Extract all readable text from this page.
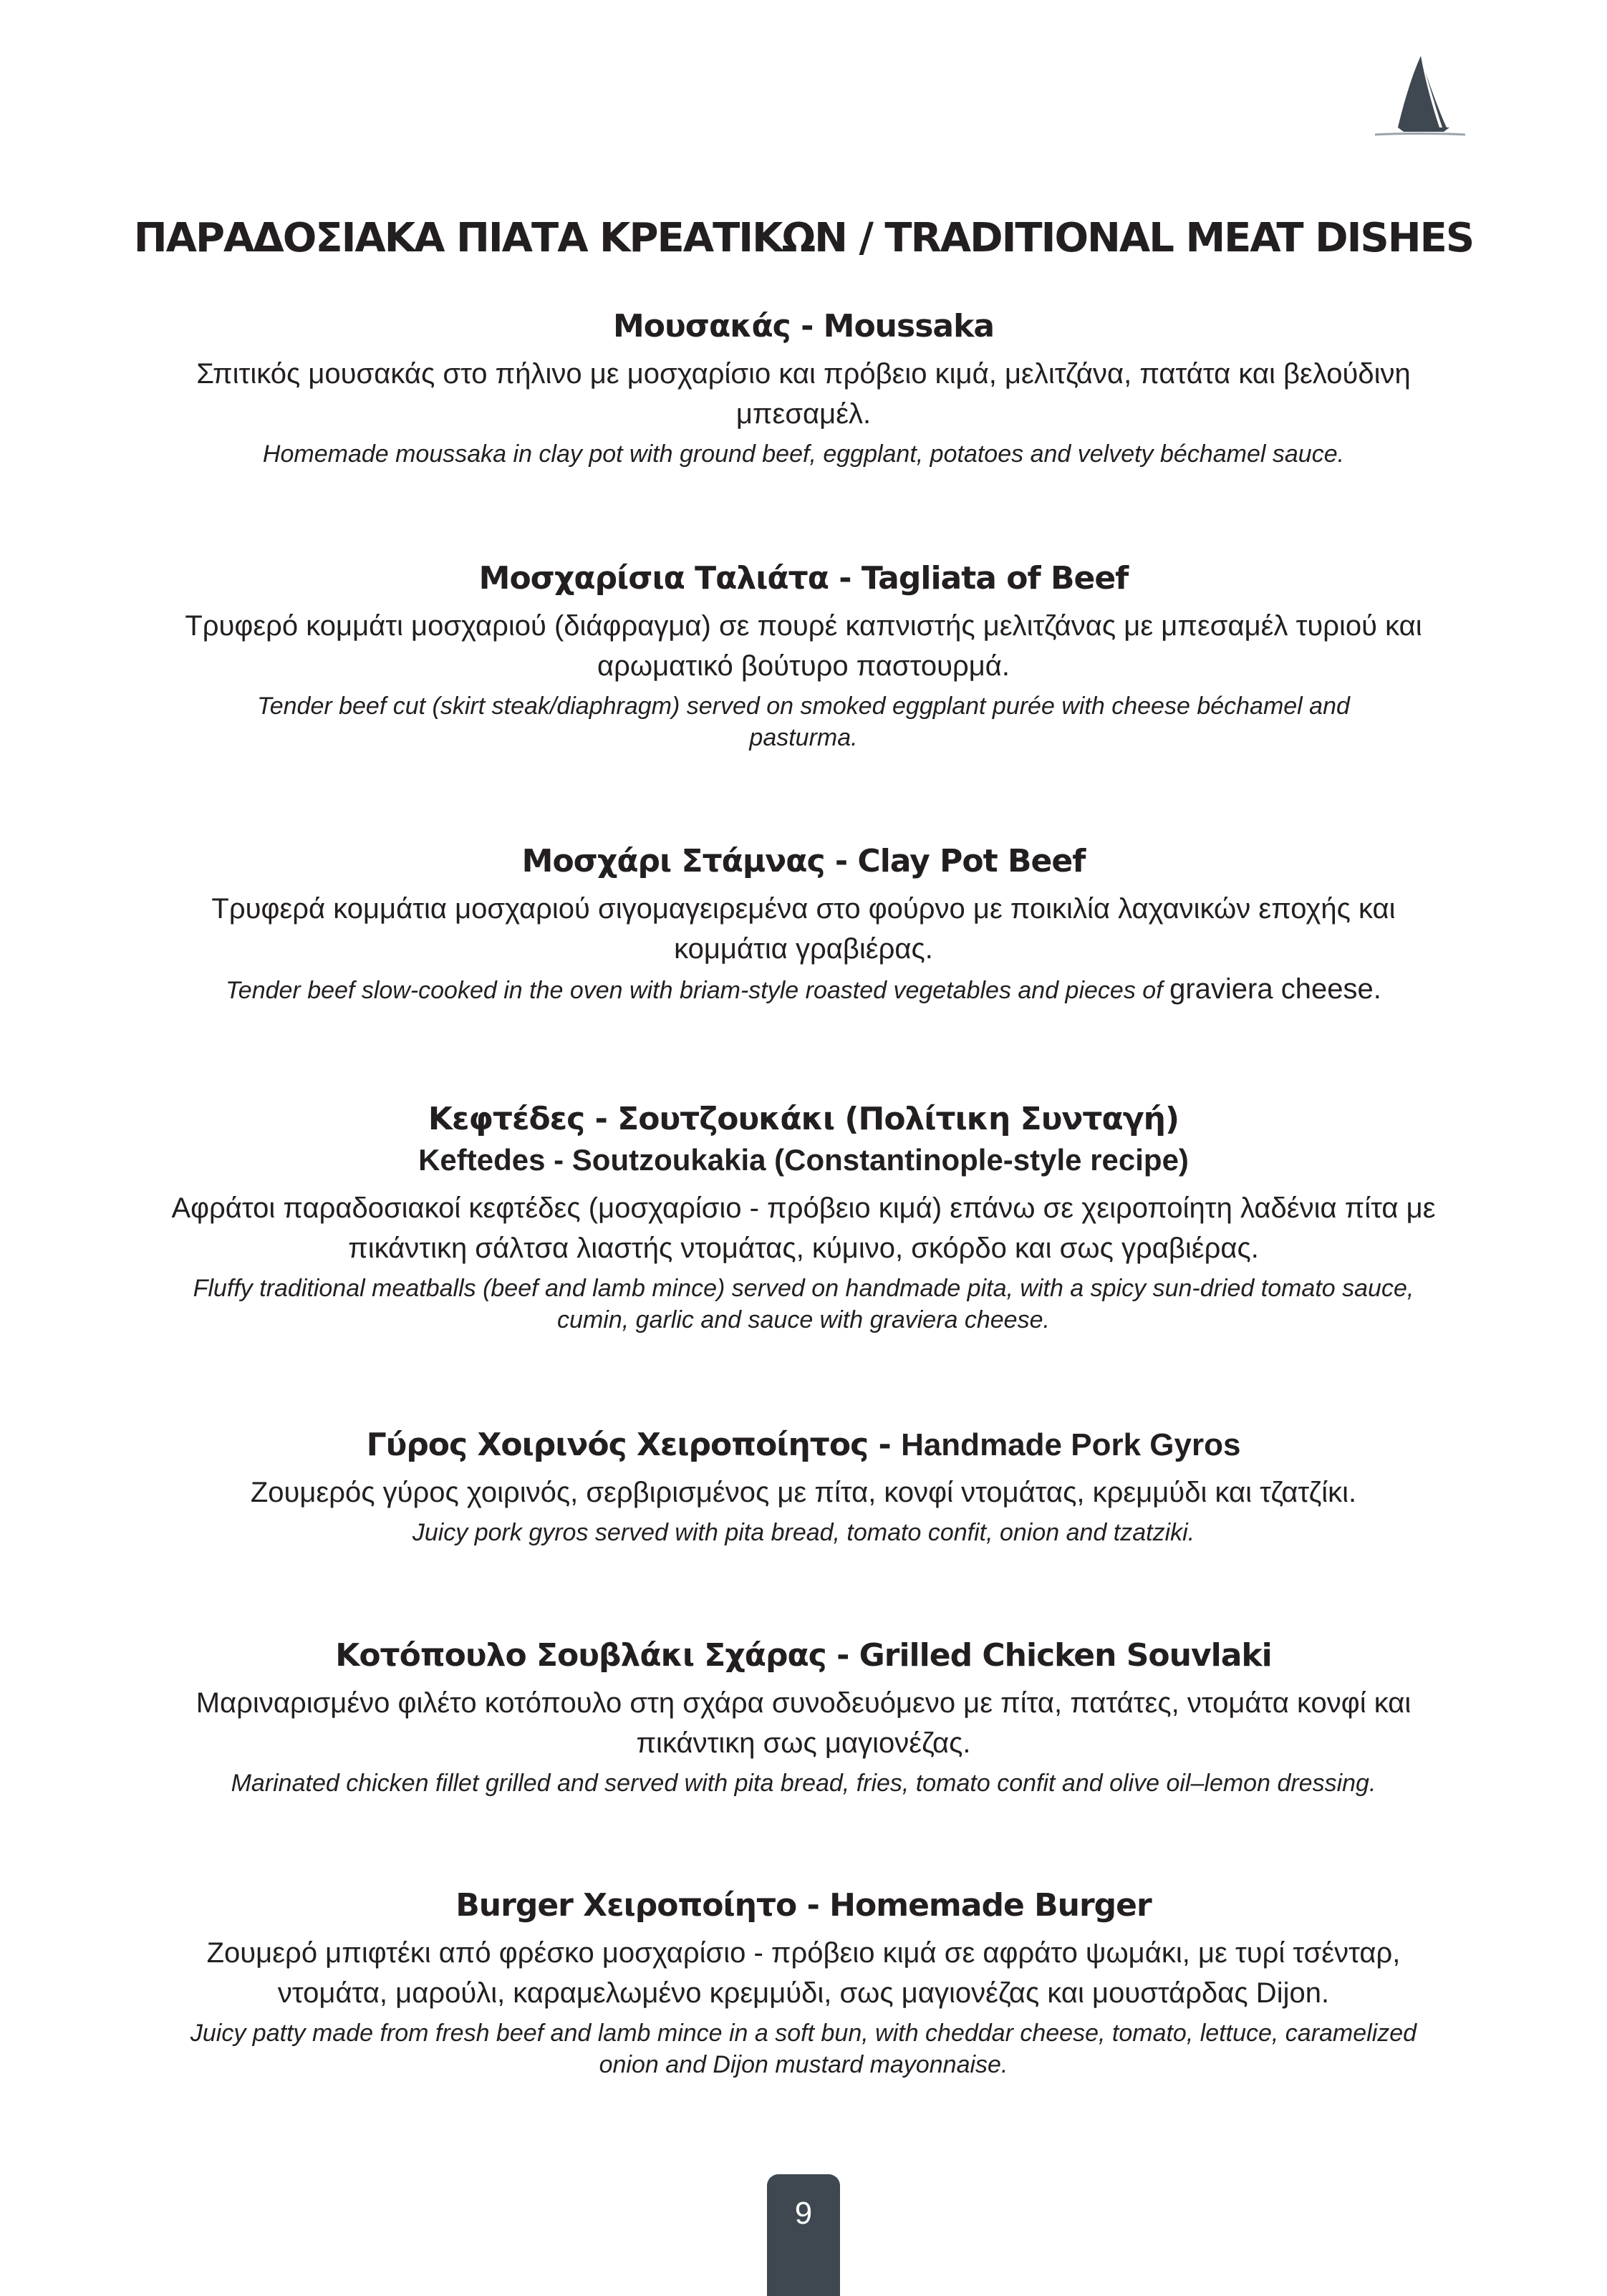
ΠΑΡΑΔΟΣΙΑΚΑ ΠΙΑΤΑ ΚΡΕΑΤΙΚΩΝ / TRADITIONAL MEAT DISHES
Μουσακάς - Moussaka
Σπιτικός μουσακάς στο πήλινο με μοσχαρίσιο και πρόβειο κιμά, μελιτζάνα, πατάτα και βελούδινη μπεσαμέλ.
Homemade moussaka in clay pot with ground beef, eggplant, potatoes and velvety béchamel sauce.
Μοσχαρίσια Ταλιάτα - Tagliata of Beef
Τρυφερό κομμάτι μοσχαριού (διάφραγμα) σε πουρέ καπνιστής μελιτζάνας με μπεσαμέλ τυριού και αρωματικό βούτυρο παστουρμά.
Tender beef cut (skirt steak/diaphragm) served on smoked eggplant purée with cheese béchamel and pasturma.
Μοσχάρι Στάμνας - Clay Pot Beef
Τρυφερά κομμάτια μοσχαριού σιγομαγειρεμένα στο φούρνο με ποικιλία λαχανικών εποχής και κομμάτια γραβιέρας.
Tender beef slow-cooked in the oven with briam-style roasted vegetables and pieces of graviera cheese.
Κεφτέδες - Σουτζουκάκι (Πολίτικη Συνταγή)
Keftedes - Soutzoukakia (Constantinople-style recipe)
Αφράτοι παραδοσιακοί κεφτέδες (μοσχαρίσιο - πρόβειο κιμά) επάνω σε χειροποίητη λαδένια πίτα με πικάντικη σάλτσα λιαστής ντομάτας, κύμινο, σκόρδο και σως γραβιέρας.
Fluffy traditional meatballs (beef and lamb mince) served on handmade pita, with a spicy sun-dried tomato sauce, cumin, garlic and sauce with graviera cheese.
Γύρος Χοιρινός Χειροποίητος - Handmade Pork Gyros
Ζουμερός γύρος χοιρινός, σερβιρισμένος με πίτα, κονφί ντομάτας, κρεμμύδι και τζατζίκι.
Juicy pork gyros served with pita bread, tomato confit, onion and tzatziki.
Κοτόπουλο Σουβλάκι Σχάρας - Grilled Chicken Souvlaki
Μαριναρισμένο φιλέτο κοτόπουλο στη σχάρα συνοδευόμενο με πίτα, πατάτες, ντομάτα κονφί και πικάντικη σως μαγιονέζας.
Marinated chicken fillet grilled and served with pita bread, fries, tomato confit and olive oil–lemon dressing.
Burger Χειροποίητο - Homemade Burger
Ζουμερό μπιφτέκι από φρέσκο μοσχαρίσιο - πρόβειο κιμά σε αφράτο ψωμάκι, με τυρί τσένταρ, ντομάτα, μαρούλι, καραμελωμένο κρεμμύδι, σως μαγιονέζας και μουστάρδας Dijon.
Juicy patty made from fresh beef and lamb mince in a soft bun, with cheddar cheese, tomato, lettuce, caramelized onion and Dijon mustard mayonnaise.
9
